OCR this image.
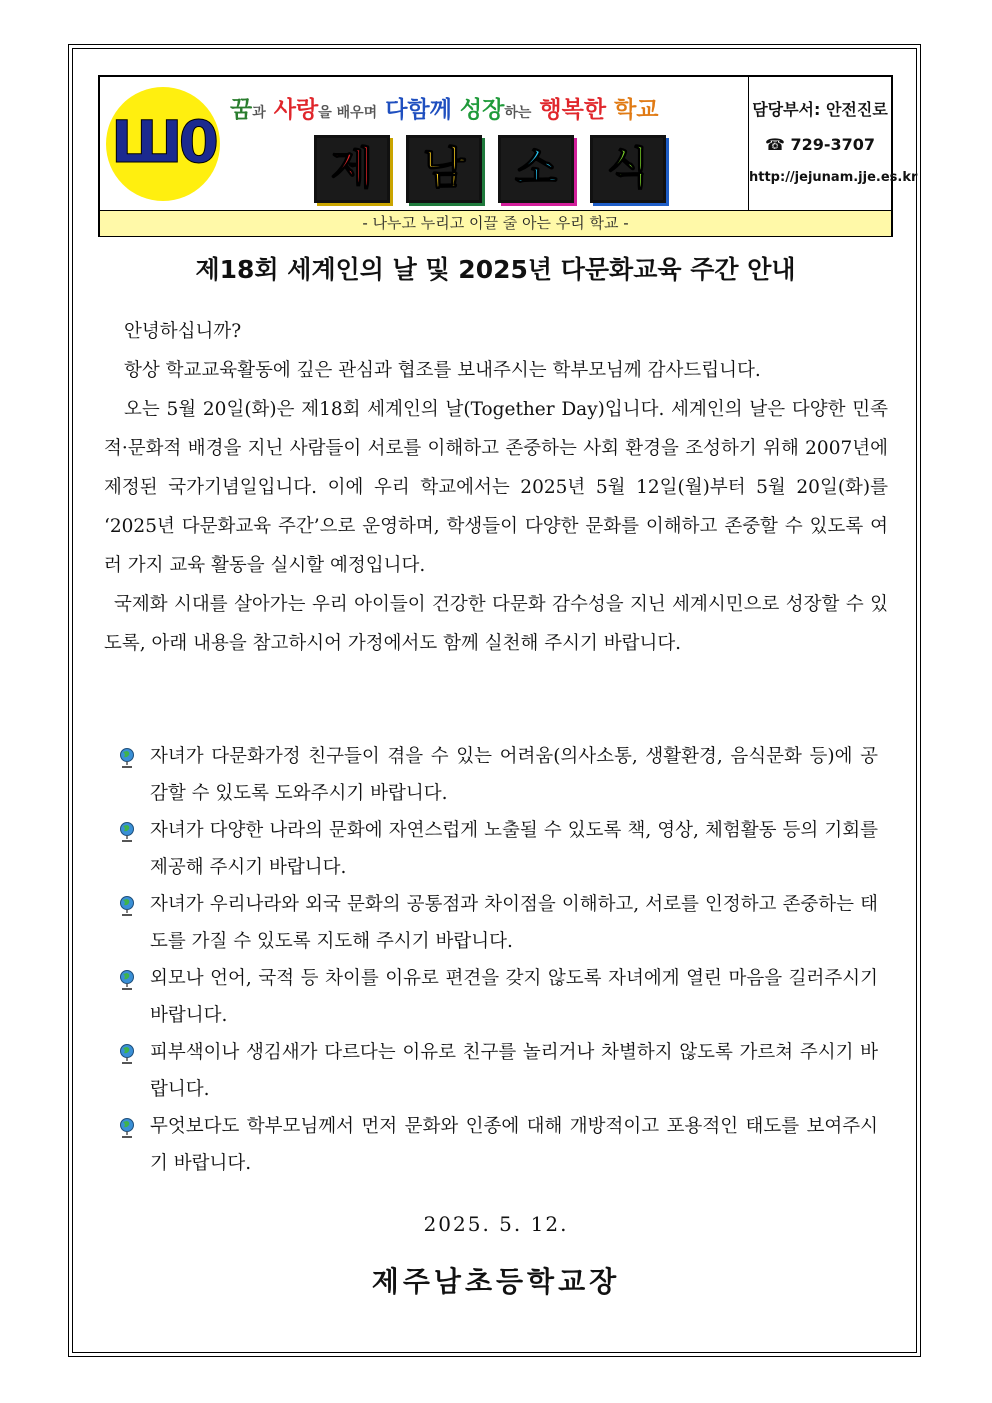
Ш0 꿈과 사랑을 배우며 다함께 성장하는 행복한 학교
제	남	소	식
담당부서: 안전진로
☎ 729-3707
http://jejunam.jje.es.kr
- 나누고 누리고 이끌 줄 아는 우리 학교 -
제18회 세계인의 날 및 2025년 다문화교육 주간 안내

안녕하십니까?

항상 학교교육활동에 깊은 관심과 협조를 보내주시는 학부모님께 감사드립니다.

오는 5월 20일(화)은 제18회 세계인의 날(Together Day)입니다. 세계인의 날은 다양한 민족적·문화적 배경을 지닌 사람들이 서로를 이해하고 존중하는 사회 환경을 조성하기 위해 2007년에 제정된 국가기념일입니다. 이에 우리 학교에서는 2025년 5월 12일(월)부터 5월 20일(화)를 ‘2025년 다문화교육 주간’으로 운영하며, 학생들이 다양한 문화를 이해하고 존중할 수 있도록 여러 가지 교육 활동을 실시할 예정입니다.

국제화 시대를 살아가는 우리 아이들이 건강한 다문화 감수성을 지닌 세계시민으로 성장할 수 있도록, 아래 내용을 참고하시어 가정에서도 함께 실천해 주시기 바랍니다.

자녀가 다문화가정 친구들이 겪을 수 있는 어려움(의사소통, 생활환경, 음식문화 등)에 공감할 수 있도록 도와주시기 바랍니다.

자녀가 다양한 나라의 문화에 자연스럽게 노출될 수 있도록 책, 영상, 체험활동 등의 기회를 제공해 주시기 바랍니다.

자녀가 우리나라와 외국 문화의 공통점과 차이점을 이해하고, 서로를 인정하고 존중하는 태도를 가질 수 있도록 지도해 주시기 바랍니다.

외모나 언어, 국적 등 차이를 이유로 편견을 갖지 않도록 자녀에게 열린 마음을 길러주시기 바랍니다.

피부색이나 생김새가 다르다는 이유로 친구를 놀리거나 차별하지 않도록 가르쳐 주시기 바랍니다.

무엇보다도 학부모님께서 먼저 문화와 인종에 대해 개방적이고 포용적인 태도를 보여주시기 바랍니다.

2025. 5. 12.
제주남초등학교장
